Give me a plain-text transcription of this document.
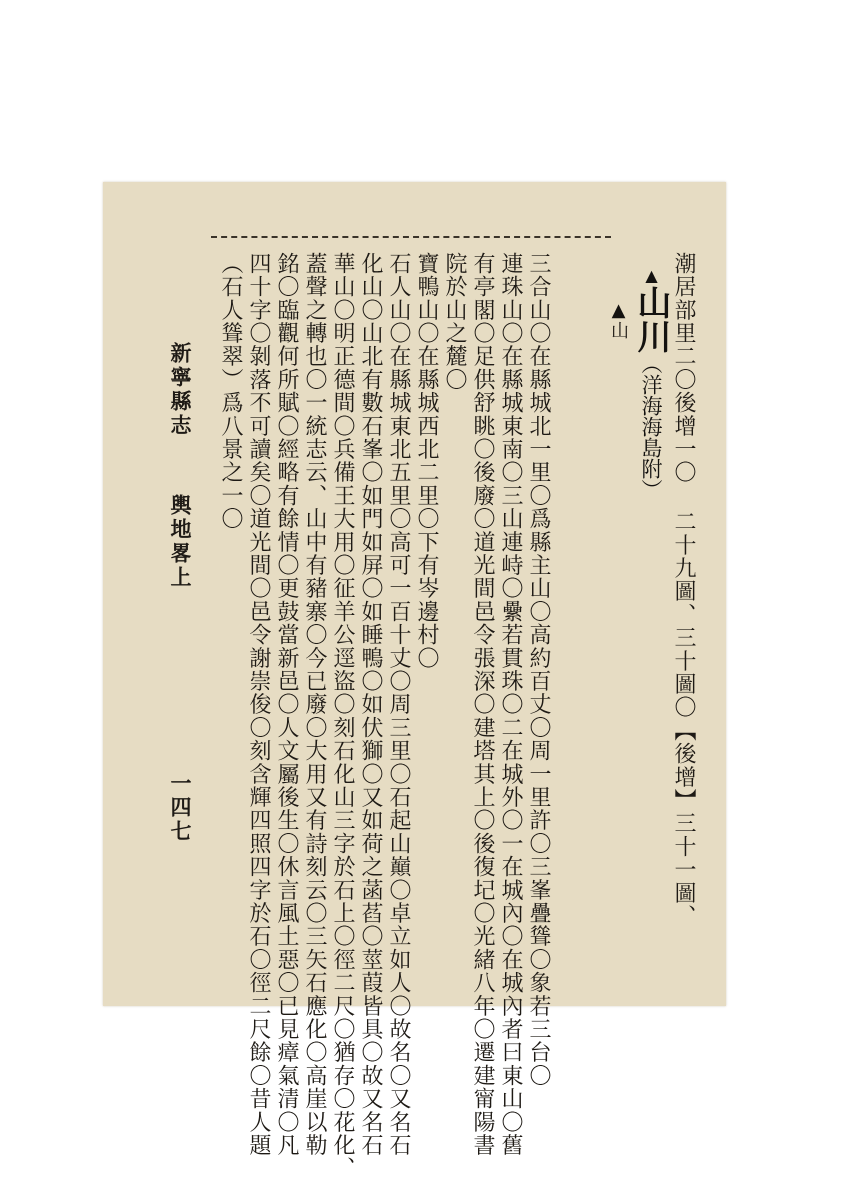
潮居部里二〇後增一〇 二十九圖、三十圖〇【後增】三十一圖、
▲山川（洋海海島附）
▲山
三合山〇在縣城北一里〇爲縣主山〇高約百丈〇周一里許〇三峯疊聳〇象若三台〇
連珠山〇在縣城東南〇三山連峙〇纍若貫珠〇二在城外〇一在城內〇在城內者曰東山〇舊
有亭閣〇足供舒眺〇後廢〇道光間邑令張深〇建塔其上〇後復圮〇光緒八年〇遷建甯陽書
院於山之麓〇
寶鴨山〇在縣城西北二里〇下有岑邊村〇
石人山〇在縣城東北五里〇高可一百十丈〇周三里〇石起山巔〇卓立如人〇故名〇又名石
化山〇山北有數石峯〇如門如屏〇如睡鴨〇如伏獅〇又如荷之菡萏〇莖葭皆具〇故又名石
華山〇明正德間〇兵備王大用〇征羊公逕盜〇刻石化山三字於石上〇徑二尺〇猶存〇花化、
蓋聲之轉也〇一統志云、山中有豬寨〇今已廢〇大用又有詩刻云〇三矢石應化〇高崖以勒
銘〇臨觀何所賦〇經略有餘情〇更鼓當新邑〇人文屬後生〇休言風土惡〇已見瘴氣清〇凡
四十字〇剝落不可讀矣〇道光間〇邑令謝崇俊〇刻含輝四照四字於石〇徑二尺餘〇昔人題
（石人聳翠）爲八景之一〇
新寧縣志
輿地畧上
一四七
